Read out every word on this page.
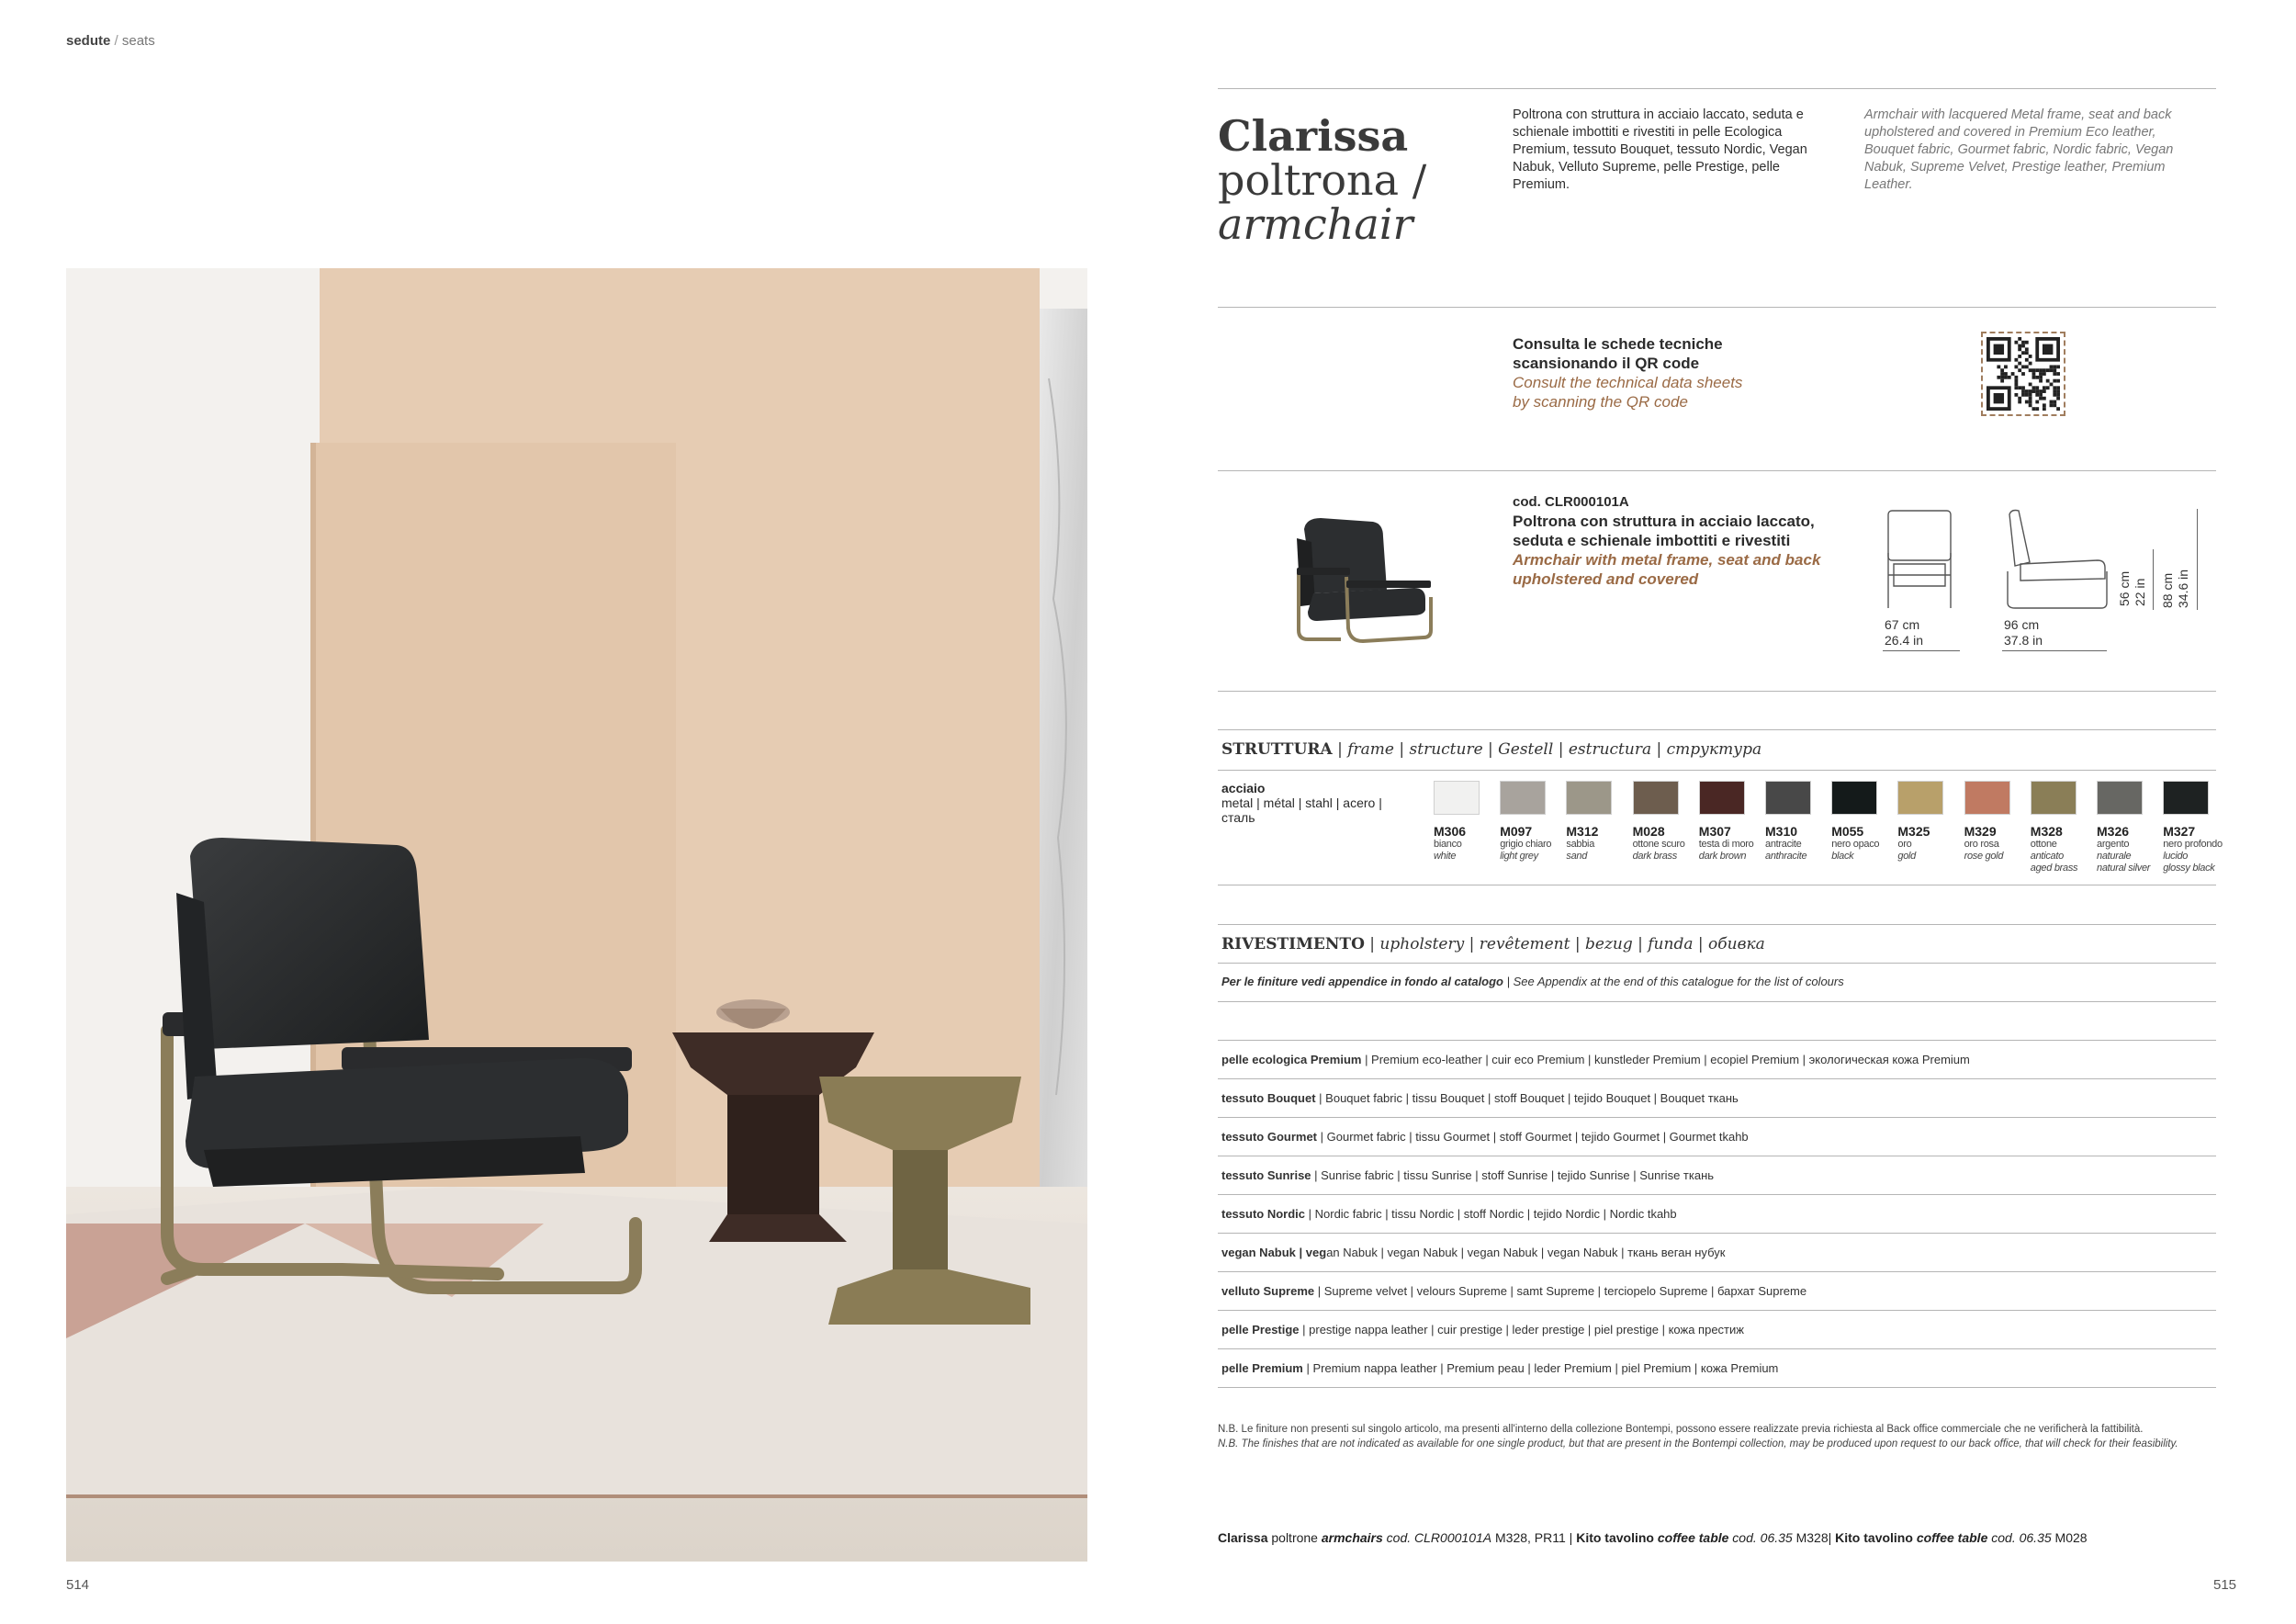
sedute / seats
Clarissa
poltrona /
armchair
Poltrona con struttura in acciaio laccato, seduta e schienale imbottiti e rivestiti in pelle Ecologica Premium, tessuto Bouquet, tessuto Nordic, Vegan Nabuk, Velluto Supreme, pelle Prestige, pelle Premium.
Armchair with lacquered Metal frame, seat and back upholstered and covered in Premium Eco leather, Bouquet fabric, Gourmet fabric, Nordic fabric, Vegan Nabuk, Supreme Velvet, Prestige leather, Premium Leather.
Consulta le schede tecniche
scansionando il QR code
Consult the technical data sheets
by scanning the QR code
cod. CLR000101A
Poltrona con struttura in acciaio laccato, seduta e schienale imbottiti e rivestiti
Armchair with metal frame, seat and back upholstered and covered
67 cm
26.4 in
96 cm
37.8 in
56 cm 22 in 88 cm 34.6 in
STRUTTURA | frame | structure | Gestell | estructura | структура
acciaio
metal | métal | stahl | acero |
сталь
M306
bianco
white
M097
grigio chiaro
light grey
M312
sabbia
sand
M028
ottone scuro
dark brass
M307
testa di moro
dark brown
M310
antracite
anthracite
M055
nero opaco
black
M325
oro
gold
M329
oro rosa
rose gold
M328
ottone
anticato
aged brass
M326
argento
naturale
natural silver
M327
nero profondo
lucido
glossy black
RIVESTIMENTO | upholstery | revêtement | bezug | funda | обивка
Per le finiture vedi appendice in fondo al catalogo | See Appendix at the end of this catalogue for the list of colours
pelle ecologica Premium | Premium eco-leather | cuir eco Premium | kunstleder Premium | ecopiel Premium | экологическая кожа Premium
tessuto Bouquet | Bouquet fabric | tissu Bouquet | stoff Bouquet | tejido Bouquet | Bouquet ткань
tessuto Gourmet | Gourmet fabric | tissu Gourmet | stoff Gourmet | tejido Gourmet | Gourmet tkahb
tessuto Sunrise | Sunrise fabric | tissu Sunrise | stoff Sunrise | tejido Sunrise | Sunrise ткань
tessuto Nordic | Nordic fabric | tissu Nordic | stoff Nordic | tejido Nordic | Nordic tkahb
vegan Nabuk | vegan Nabuk | vegan Nabuk | vegan Nabuk | vegan Nabuk | ткань веган нубук
velluto Supreme | Supreme velvet | velours Supreme | samt Supreme | terciopelo Supreme | бархат Supreme
pelle Prestige | prestige nappa leather | cuir prestige | leder prestige | piel prestige | кожа престиж
pelle Premium | Premium nappa leather | Premium peau | leder Premium | piel Premium | кожа Premium
N.B. Le finiture non presenti sul singolo articolo, ma presenti all'interno della collezione Bontempi, possono essere realizzate previa richiesta al Back office commerciale che ne verificherà la fattibilità.
N.B. The finishes that are not indicated as available for one single product, but that are present in the Bontempi collection, may be produced upon request to our back office, that will check for their feasibility.
Clarissa poltrone armchairs cod. CLR000101A M328, PR11 | Kito tavolino coffee table cod. 06.35 M328| Kito tavolino coffee table cod. 06.35 M028
514	515
